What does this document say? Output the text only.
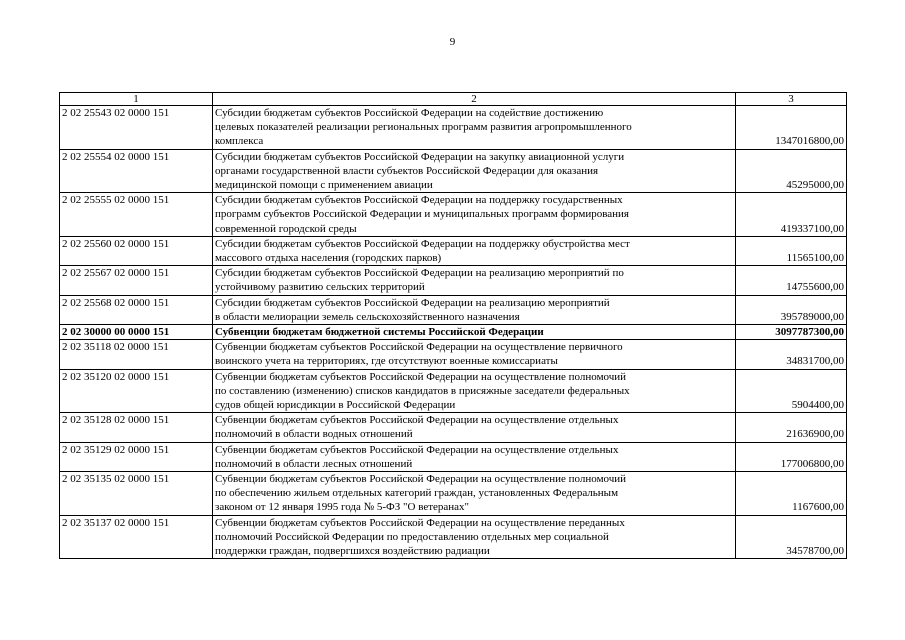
9
1	2	3
2 02 25543 02 0000 151	Субсидии бюджетам субъектов Российской Федерации на содействие достижению
целевых показателей реализации региональных программ развития агропромышленного
комплекса	1347016800,00
2 02 25554 02 0000 151	Субсидии бюджетам субъектов Российской Федерации на закупку авиационной услуги
органами государственной власти субъектов Российской Федерации для оказания
медицинской помощи с применением авиации	45295000,00
2 02 25555 02 0000 151	Субсидии бюджетам субъектов Российской Федерации на поддержку государственных
программ субъектов Российской Федерации и муниципальных программ формирования
современной городской среды	419337100,00
2 02 25560 02 0000 151	Субсидии бюджетам субъектов Российской Федерации на поддержку обустройства мест
массового отдыха населения (городских парков)	11565100,00
2 02 25567 02 0000 151	Субсидии бюджетам субъектов Российской Федерации на реализацию мероприятий по
устойчивому развитию сельских территорий	14755600,00
2 02 25568 02 0000 151	Субсидии бюджетам субъектов Российской Федерации на реализацию мероприятий
в области мелиорации земель сельскохозяйственного назначения	395789000,00
2 02 30000 00 0000 151	Субвенции бюджетам бюджетной системы Российской Федерации	3097787300,00
2 02 35118 02 0000 151	Субвенции бюджетам субъектов Российской Федерации на осуществление первичного
воинского учета на территориях, где отсутствуют военные комиссариаты	34831700,00
2 02 35120 02 0000 151	Субвенции бюджетам субъектов Российской Федерации на осуществление полномочий
по составлению (изменению) списков кандидатов в присяжные заседатели федеральных
судов общей юрисдикции в Российской Федерации	5904400,00
2 02 35128 02 0000 151	Субвенции бюджетам субъектов Российской Федерации на осуществление отдельных
полномочий в области водных отношений	21636900,00
2 02 35129 02 0000 151	Субвенции бюджетам субъектов Российской Федерации на осуществление отдельных
полномочий в области лесных отношений	177006800,00
2 02 35135 02 0000 151	Субвенции бюджетам субъектов Российской Федерации на осуществление полномочий
по обеспечению жильем отдельных категорий граждан, установленных Федеральным
законом от 12 января 1995 года № 5-ФЗ "О ветеранах"	1167600,00
2 02 35137 02 0000 151	Субвенции бюджетам субъектов Российской Федерации на осуществление переданных
полномочий Российской Федерации по предоставлению отдельных мер социальной
поддержки граждан, подвергшихся воздействию радиации	34578700,00
